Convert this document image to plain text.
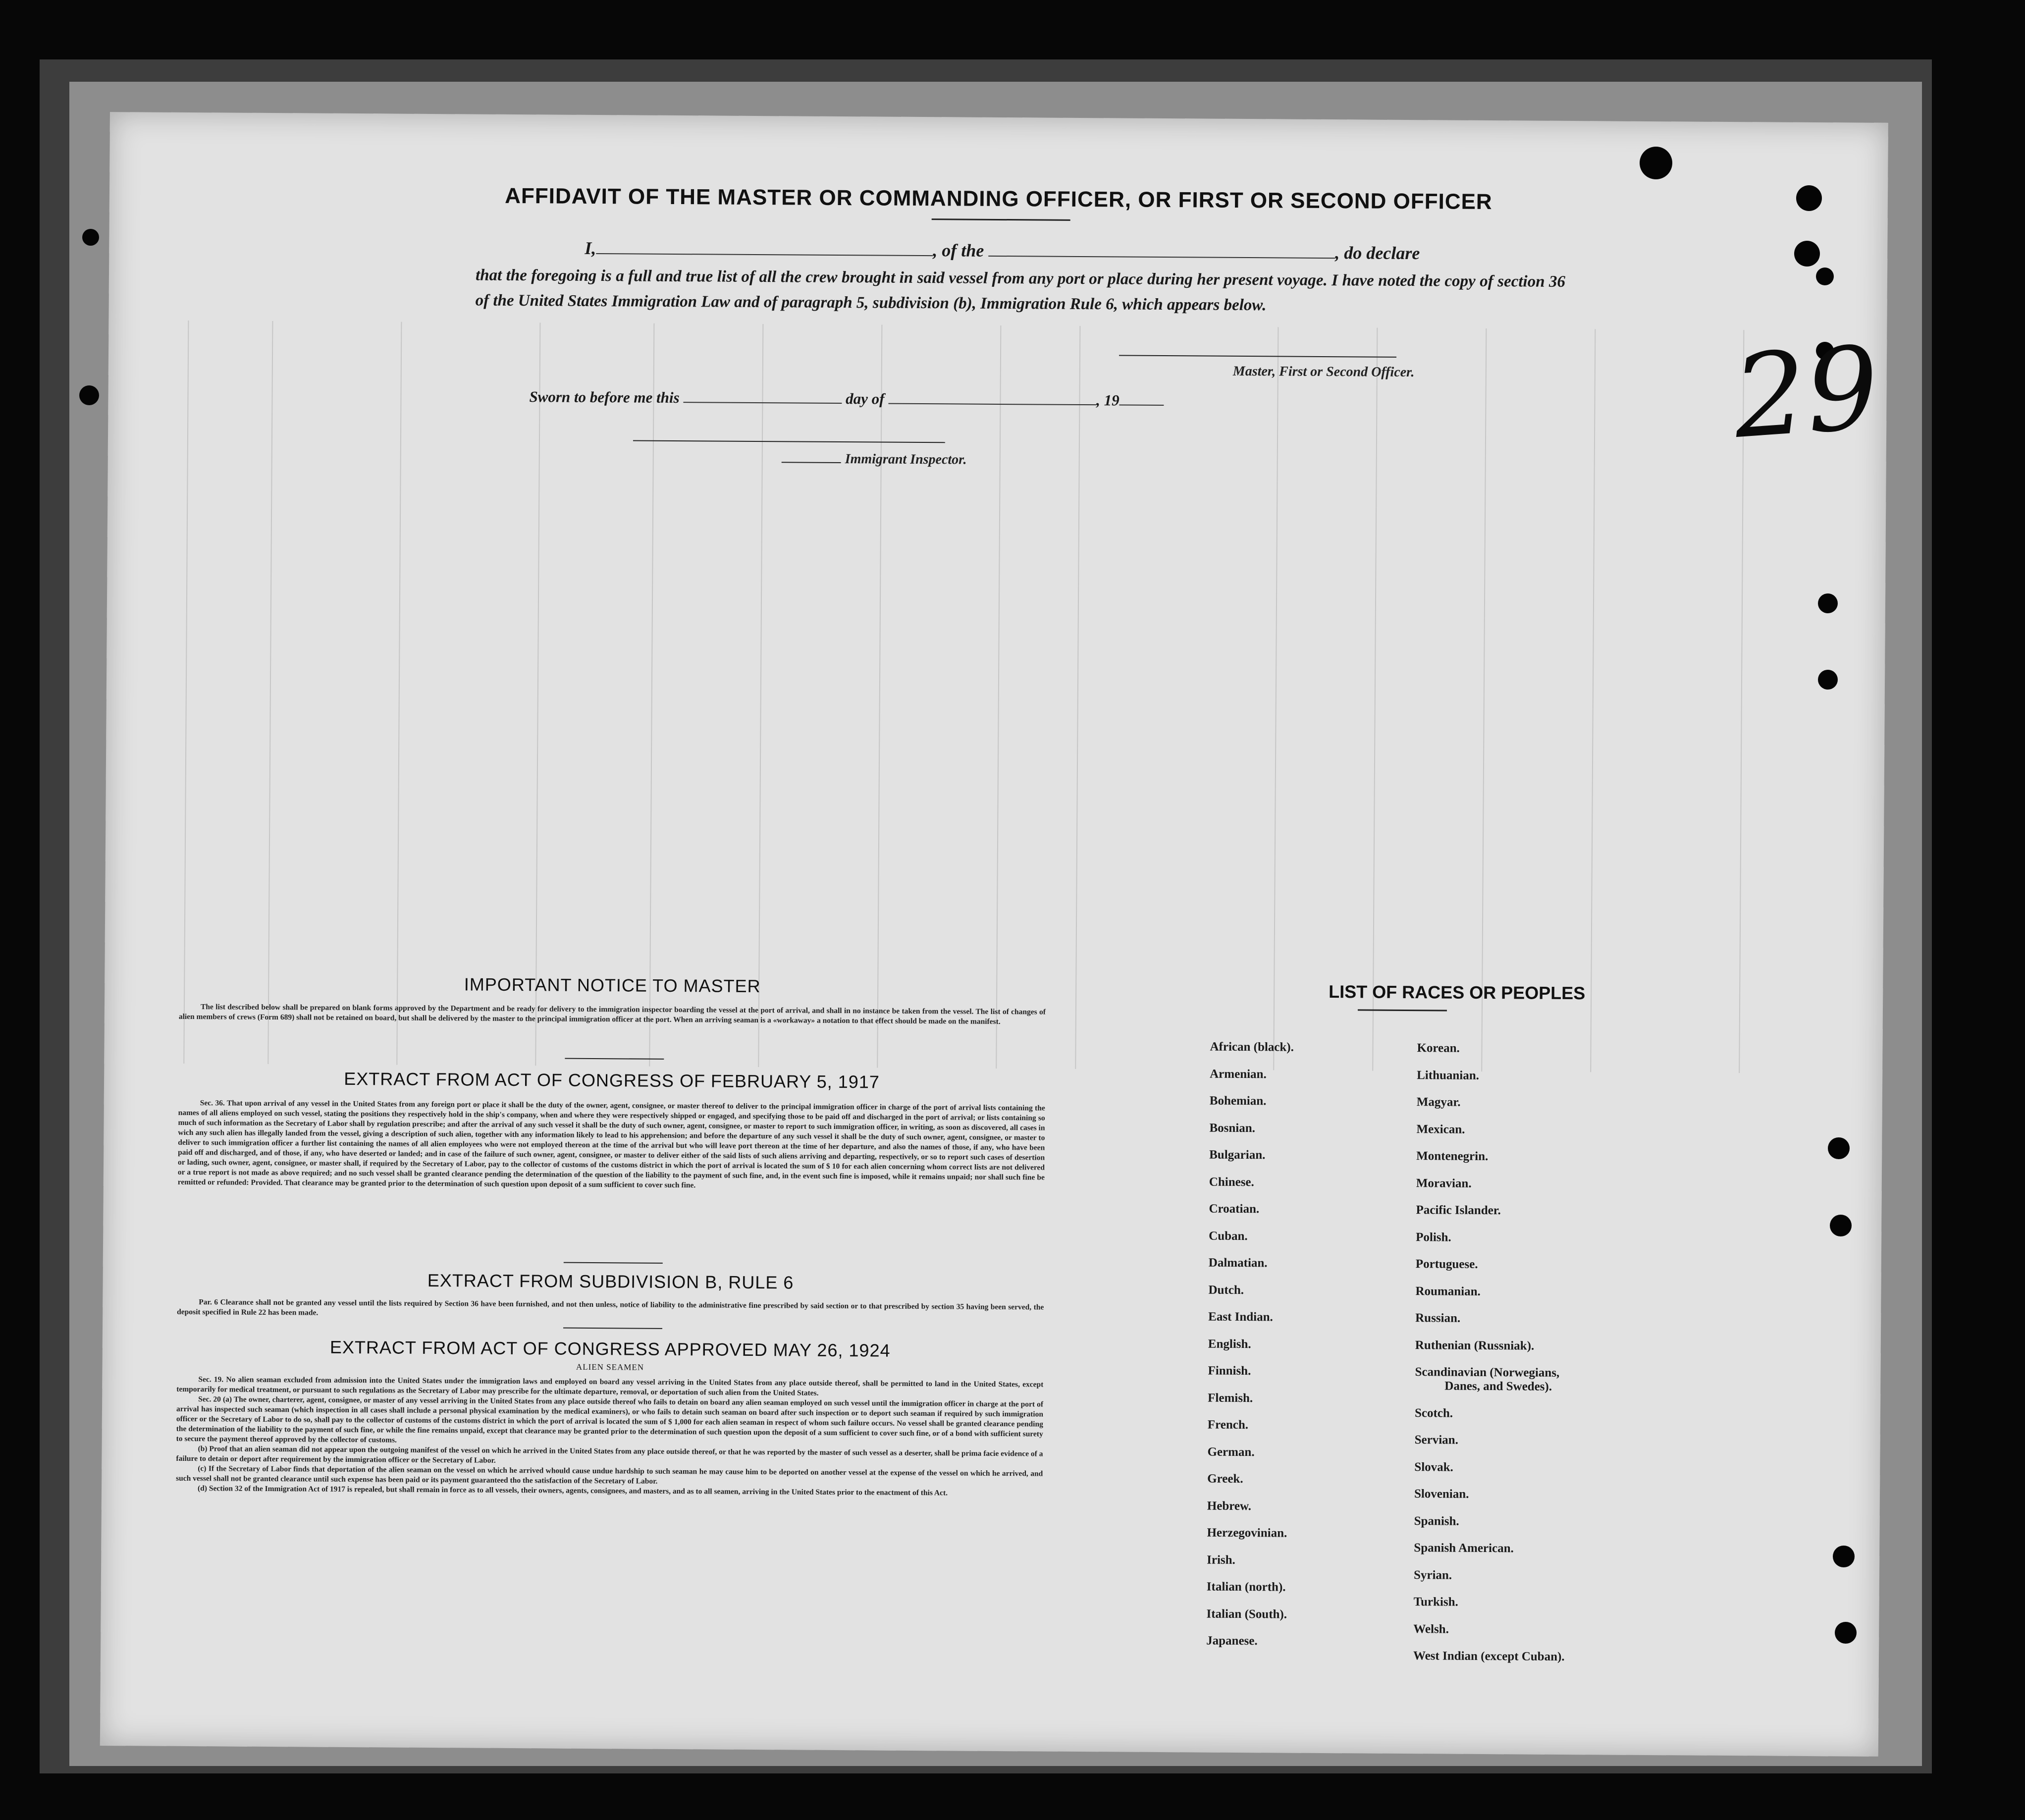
AFFIDAVIT OF THE MASTER OR COMMANDING OFFICER, OR FIRST OR SECOND OFFICER
I,	, of the	, do declare
that the foregoing is a full and true list of all the crew brought in said vessel from any port or place during her present voyage. I have noted the copy of section 36 of the United States Immigration Law and of paragraph 5, subdivision (b), Immigration Rule 6, which appears below.
Master, First or Second Officer.
Sworn to before me this	day of	, 19
Immigrant Inspector.
IMPORTANT NOTICE TO MASTER

The list described below shall be prepared on blank forms approved by the Department and be ready for delivery to the immigration inspector boarding the vessel at the port of arrival, and shall in no instance be taken from the vessel. The list of changes of alien members of crews (Form 689) shall not be retained on board, but shall be delivered by the master to the principal immigration officer at the port. When an arriving seaman is a «workaway» a notation to that effect should be made on the manifest.

EXTRACT FROM ACT OF CONGRESS OF FEBRUARY 5, 1917

Sec. 36. That upon arrival of any vessel in the United States from any foreign port or place it shall be the duty of the owner, agent, consignee, or master thereof to deliver to the principal immigration officer in charge of the port of arrival lists containing the names of all aliens employed on such vessel, stating the positions they respectively hold in the ship's company, when and where they were respectively shipped or engaged, and specifying those to be paid off and discharged in the port of arrival; or lists containing so much of such information as the Secretary of Labor shall by regulation prescribe; and after the arrival of any such vessel it shall be the duty of such owner, agent, consignee, or master to report to such immigration officer, in writing, as soon as discovered, all cases in wich any such alien has illegally landed from the vessel, giving a description of such alien, together with any information likely to lead to his apprehension; and before the departure of any such vessel it shall be the duty of such owner, agent, consignee, or master to deliver to such immigration officer a further list containing the names of all alien employees who were not employed thereon at the time of the arrival but who will leave port thereon at the time of her departure, and also the names of those, if any, who have been paid off and discharged, and of those, if any, who have deserted or landed; and in case of the failure of such owner, agent, consignee, or master to deliver either of the said lists of such aliens arriving and departing, respectively, or so to report such cases of desertion or lading, such owner, agent, consignee, or master shall, if required by the Secretary of Labor, pay to the collector of customs of the customs district in which the port of arrival is located the sum of $ 10 for each alien concerning whom correct lists are not delivered or a true report is not made as above required; and no such vessel shall be granted clearance pending the determination of the question of the liability to the payment of such fine, and, in the event such fine is imposed, while it remains unpaid; nor shall such fine be remitted or refunded: Provided. That clearance may be granted prior to the determination of such question upon deposit of a sum sufficient to cover such fine.

EXTRACT FROM SUBDIVISION B, RULE 6

Par. 6 Clearance shall not be granted any vessel until the lists required by Section 36 have been furnished, and not then unless, notice of liability to the administrative fine prescribed by said section or to that prescribed by section 35 having been served, the deposit specified in Rule 22 has been made.

EXTRACT FROM ACT OF CONGRESS APPROVED MAY 26, 1924
ALIEN SEAMEN

Sec. 19. No alien seaman excluded from admission into the United States under the immigration laws and employed on board any vessel arriving in the United States from any place outside thereof, shall be permitted to land in the United States, except temporarily for medical treatment, or pursuant to such regulations as the Secretary of Labor may prescribe for the ultimate departure, removal, or deportation of such alien from the United States.

Sec. 20 (a) The owner, charterer, agent, consignee, or master of any vessel arriving in the United States from any place outside thereof who fails to detain on board any alien seaman employed on such vessel until the immigration officer in charge at the port of arrival has inspected such seaman (which inspection in all cases shall include a personal physical examination by the medical examiners), or who fails to detain such seaman on board after such inspection or to deport such seaman if required by such immigration officer or the Secretary of Labor to do so, shall pay to the collector of customs of the customs district in which the port of arrival is located the sum of $ 1,000 for each alien seaman in respect of whom such failure occurs. No vessel shall be granted clearance pending the determination of the liability to the payment of such fine, or while the fine remains unpaid, except that clearance may be granted prior to the determination of such question upon the deposit of a sum sufficient to cover such fine, or of a bond with sufficient surety to secure the payment thereof approved by the collector of customs.

(b) Proof that an alien seaman did not appear upon the outgoing manifest of the vessel on which he arrived in the United States from any place outside thereof, or that he was reported by the master of such vessel as a deserter, shall be prima facie evidence of a failure to detain or deport after requirement by the immigration officer or the Secretary of Labor.

(c) If the Secretary of Labor finds that deportation of the alien seaman on the vessel on which he arrived whould cause undue hardship to such seaman he may cause him to be deported on another vessel at the expense of the vessel on which he arrived, and such vessel shall not be granted clearance until such expense has been paid or its payment guaranteed tho the satisfaction of the Secretary of Labor.

(d) Section 32 of the Immigration Act of 1917 is repealed, but shall remain in force as to all vessels, their owners, agents, consignees, and masters, and as to all seamen, arriving in the United States prior to the enactment of this Act.

LIST OF RACES OR PEOPLES
African (black).
Armenian.
Bohemian.
Bosnian.
Bulgarian.
Chinese.
Croatian.
Cuban.
Dalmatian.
Dutch.
East Indian.
English.
Finnish.
Flemish.
French.
German.
Greek.
Hebrew.
Herzegovinian.
Irish.
Italian (north).
Italian (South).
Japanese.
Korean.
Lithuanian.
Magyar.
Mexican.
Montenegrin.
Moravian.
Pacific Islander.
Polish.
Portuguese.
Roumanian.
Russian.
Ruthenian (Russniak).
Scandinavian (Norwegians,
Danes, and Swedes).
Scotch.
Servian.
Slovak.
Slovenian.
Spanish.
Spanish American.
Syrian.
Turkish.
Welsh.
West Indian (except Cuban).
29
